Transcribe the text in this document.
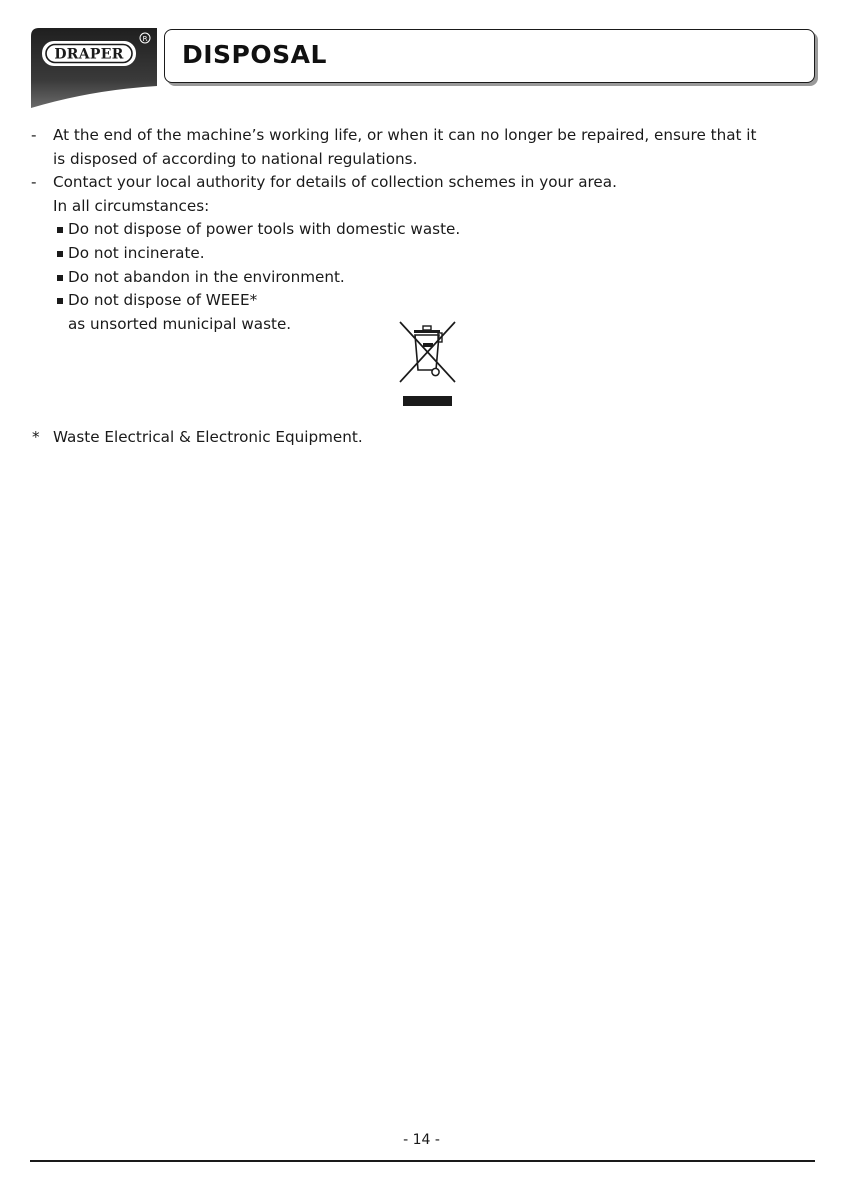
DRAPER
R
DISPOSAL
- At the end of the machine’s working life, or when it can no longer be repaired, ensure that it
is disposed of according to national regulations.
- Contact your local authority for details of collection schemes in your area.
In all circumstances:
Do not dispose of power tools with domestic waste.
Do not incinerate.
Do not abandon in the environment.
Do not dispose of WEEE*
as unsorted municipal waste.
* Waste Electrical & Electronic Equipment.
- 14 -
